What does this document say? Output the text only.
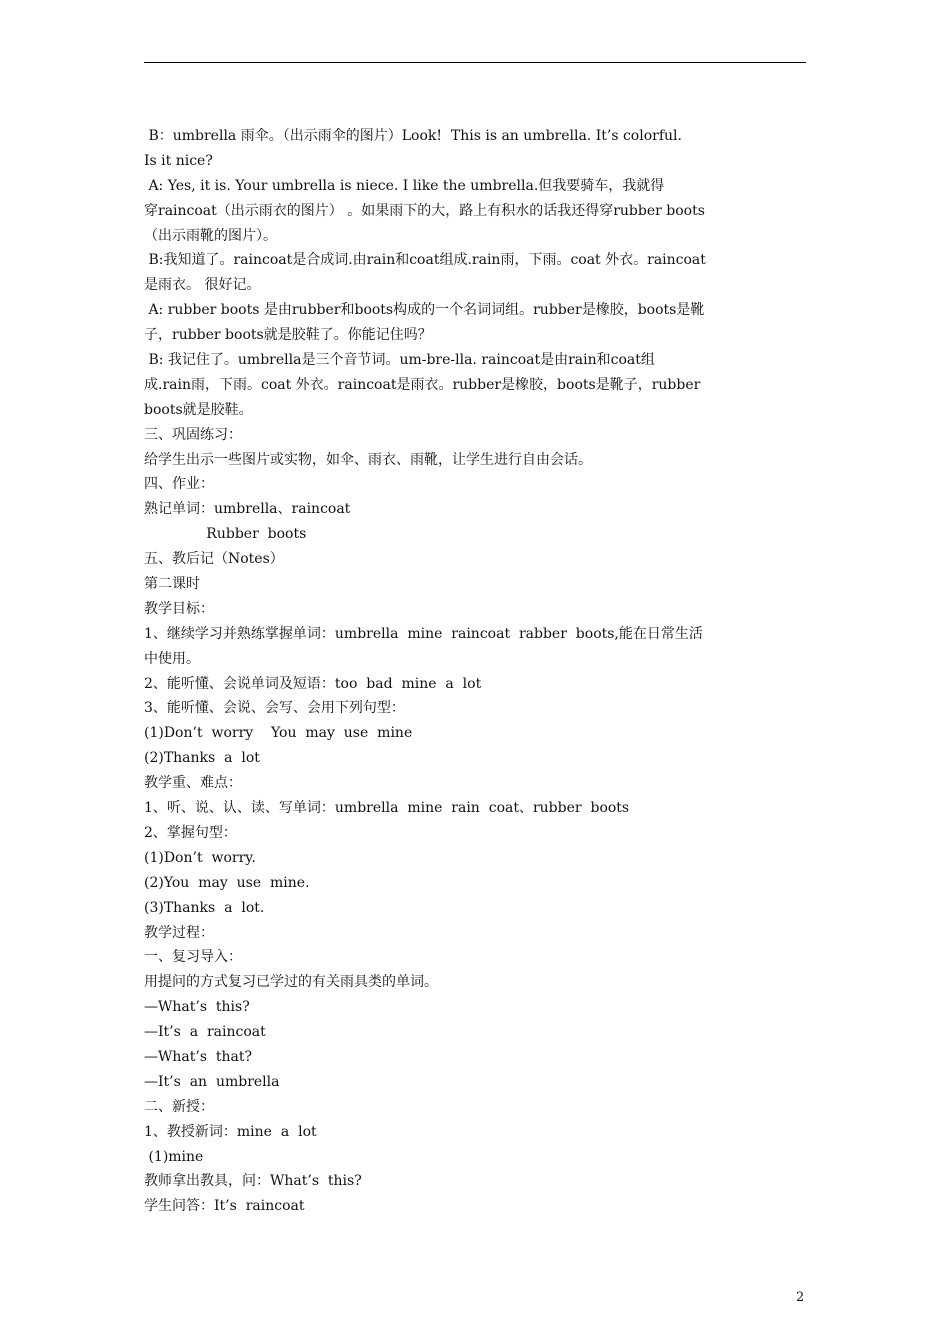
B：umbrella 雨伞。（出示雨伞的图片）Look!  This is an umbrella. It’s colorful.
Is it nice?
A: Yes, it is. Your umbrella is niece. I like the umbrella.但我要骑车，我就得
穿raincoat（出示雨衣的图片） 。如果雨下的大，路上有积水的话我还得穿rubber boots
（出示雨靴的图片）。
B:我知道了。raincoat是合成词.由rain和coat组成.rain雨，下雨。coat 外衣。raincoat
是雨衣。 很好记。
A: rubber boots 是由rubber和boots构成的一个名词词组。rubber是橡胶，boots是靴
子，rubber boots就是胶鞋了。你能记住吗？
B: 我记住了。umbrella是三个音节词。um-bre-lla. raincoat是由rain和coat组
成.rain雨，下雨。coat 外衣。raincoat是雨衣。rubber是橡胶，boots是靴子，rubber
boots就是胶鞋。
三、巩固练习：
给学生出示一些图片或实物，如伞、雨衣、雨靴，让学生进行自由会话。
四、作业：
熟记单词：umbrella、raincoat
Rubber  boots
五、教后记（Notes）
第二课时
教学目标：
1、继续学习并熟练掌握单词：umbrella  mine  raincoat  rabber  boots,能在日常生活
中使用。
2、能听懂、会说单词及短语：too  bad  mine  a  lot
3、能听懂、会说、会写、会用下列句型：
(1)Don’t  worry    You  may  use  mine
(2)Thanks  a  lot
教学重、难点：
1、听、说、认、读、写单词：umbrella  mine  rain  coat、rubber  boots
2、掌握句型：
(1)Don’t  worry.
(2)You  may  use  mine.
(3)Thanks  a  lot.
教学过程：
一、复习导入：
用提问的方式复习已学过的有关雨具类的单词。
—What’s  this?
—It’s  a  raincoat
—What’s  that?
—It’s  an  umbrella
二、新授：
1、教授新词：mine  a  lot
(1)mine
教师拿出教具，问：What’s  this?
学生问答：It’s  raincoat
2
